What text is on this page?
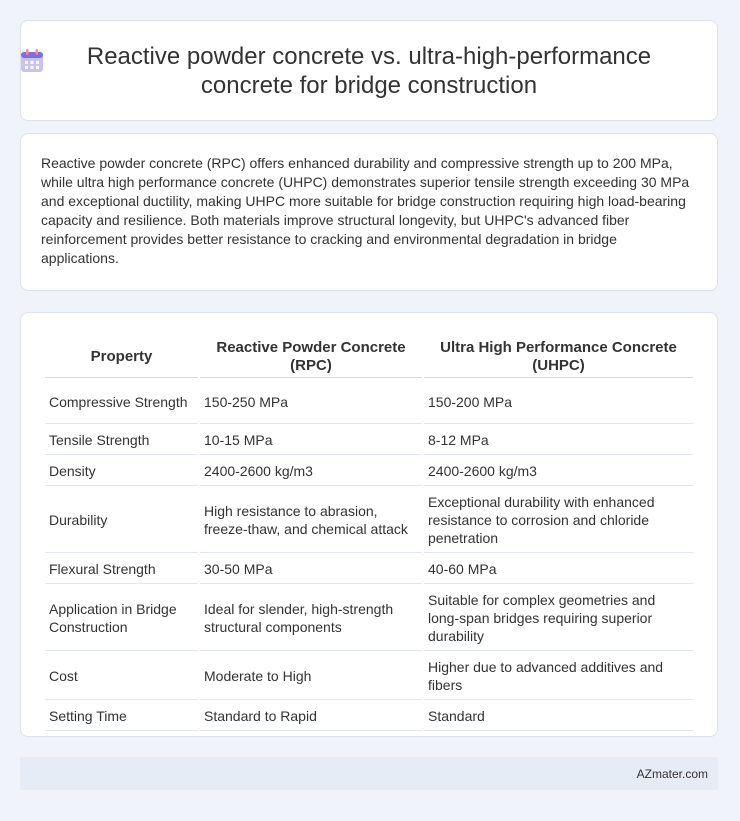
Reactive powder concrete vs. ultra-high-performance concrete for bridge construction

Reactive powder concrete (RPC) offers enhanced durability and compressive strength up to 200 MPa, while ultra high performance concrete (UHPC) demonstrates superior tensile strength exceeding 30 MPa and exceptional ductility, making UHPC more suitable for bridge construction requiring high load-bearing capacity and resilience. Both materials improve structural longevity, but UHPC's advanced fiber reinforcement provides better resistance to cracking and environmental degradation in bridge applications.

Property	Reactive Powder Concrete (RPC)	Ultra High Performance Concrete (UHPC)
Compressive Strength	150-250 MPa	150-200 MPa
Tensile Strength	10-15 MPa	8-12 MPa
Density	2400-2600 kg/m3	2400-2600 kg/m3
Durability	High resistance to abrasion, freeze-thaw, and chemical attack	Exceptional durability with enhanced resistance to corrosion and chloride penetration
Flexural Strength	30-50 MPa	40-60 MPa
Application in Bridge Construction	Ideal for slender, high-strength structural components	Suitable for complex geometries and long-span bridges requiring superior durability
Cost	Moderate to High	Higher due to advanced additives and fibers
Setting Time	Standard to Rapid	Standard
AZmater.com
